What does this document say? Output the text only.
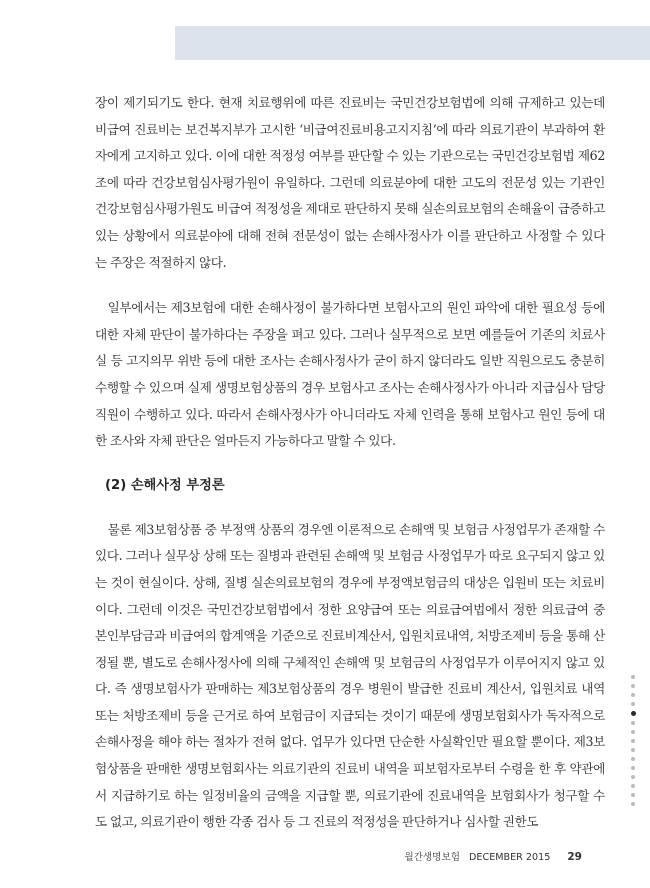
장이 제기되기도 한다. 현재 치료행위에 따른 진료비는 국민건강보험법에 의해 규제하고 있는데 비급여 진료비는 보건복지부가 고시한 ‘비급여진료비용고지지침’에 따라 의료기관이 부과하여 환자에게 고지하고 있다. 이에 대한 적정성 여부를 판단할 수 있는 기관으로는 국민건강보험법 제62조에 따라 건강보험심사평가원이 유일하다. 그런데 의료분야에 대한 고도의 전문성 있는 기관인 건강보험심사평가원도 비급여 적정성을 제대로 판단하지 못해 실손의료보험의 손해율이 급증하고 있는 상황에서 의료분야에 대해 전혀 전문성이 없는 손해사정사가 이를 판단하고 사정할 수 있다는 주장은 적절하지 않다.

일부에서는 제3보험에 대한 손해사정이 불가하다면 보험사고의 원인 파악에 대한 필요성 등에 대한 자체 판단이 불가하다는 주장을 펴고 있다. 그러나 실무적으로 보면 예를들어 기존의 치료사실 등 고지의무 위반 등에 대한 조사는 손해사정사가 굳이 하지 않더라도 일반 직원으로도 충분히 수행할 수 있으며 실제 생명보험상품의 경우 보험사고 조사는 손해사정사가 아니라 지급심사 담당 직원이 수행하고 있다. 따라서 손해사정사가 아니더라도 자체 인력을 통해 보험사고 원인 등에 대한 조사와 자체 판단은 얼마든지 가능하다고 말할 수 있다.

(2) 손해사정 부정론

물론 제3보험상품 중 부정액 상품의 경우엔 이론적으로 손해액 및 보험금 사정업무가 존재할 수 있다. 그러나 실무상 상해 또는 질병과 관련된 손해액 및 보험금 사정업무가 따로 요구되지 않고 있는 것이 현실이다. 상해, 질병 실손의료보험의 경우에 부정액보험금의 대상은 입원비 또는 치료비이다. 그런데 이것은 국민건강보험법에서 정한 요양급여 또는 의료급여법에서 정한 의료급여 중 본인부담금과 비급여의 합계액을 기준으로 진료비계산서, 입원치료내역, 처방조제비 등을 통해 산정될 뿐, 별도로 손해사정사에 의해 구체적인 손해액 및 보험금의 사정업무가 이루어지지 않고 있다. 즉 생명보험사가 판매하는 제3보험상품의 경우 병원이 발급한 진료비 계산서, 입원치료 내역 또는 처방조제비 등을 근거로 하여 보험금이 지급되는 것이기 때문에 생명보험회사가 독자적으로 손해사정을 해야 하는 절차가 전혀 없다. 업무가 있다면 단순한 사실확인만 필요할 뿐이다. 제3보험상품을 판매한 생명보험회사는 의료기관의 진료비 내역을 피보험자로부터 수령을 한 후 약관에서 지급하기로 하는 일정비율의 금액을 지급할 뿐, 의료기관에 진료내역을 보험회사가 청구할 수도 없고, 의료기관이 행한 각종 검사 등 그 진료의 적정성을 판단하거나 심사할 권한도

월간생명보험 DECEMBER 2015 29
